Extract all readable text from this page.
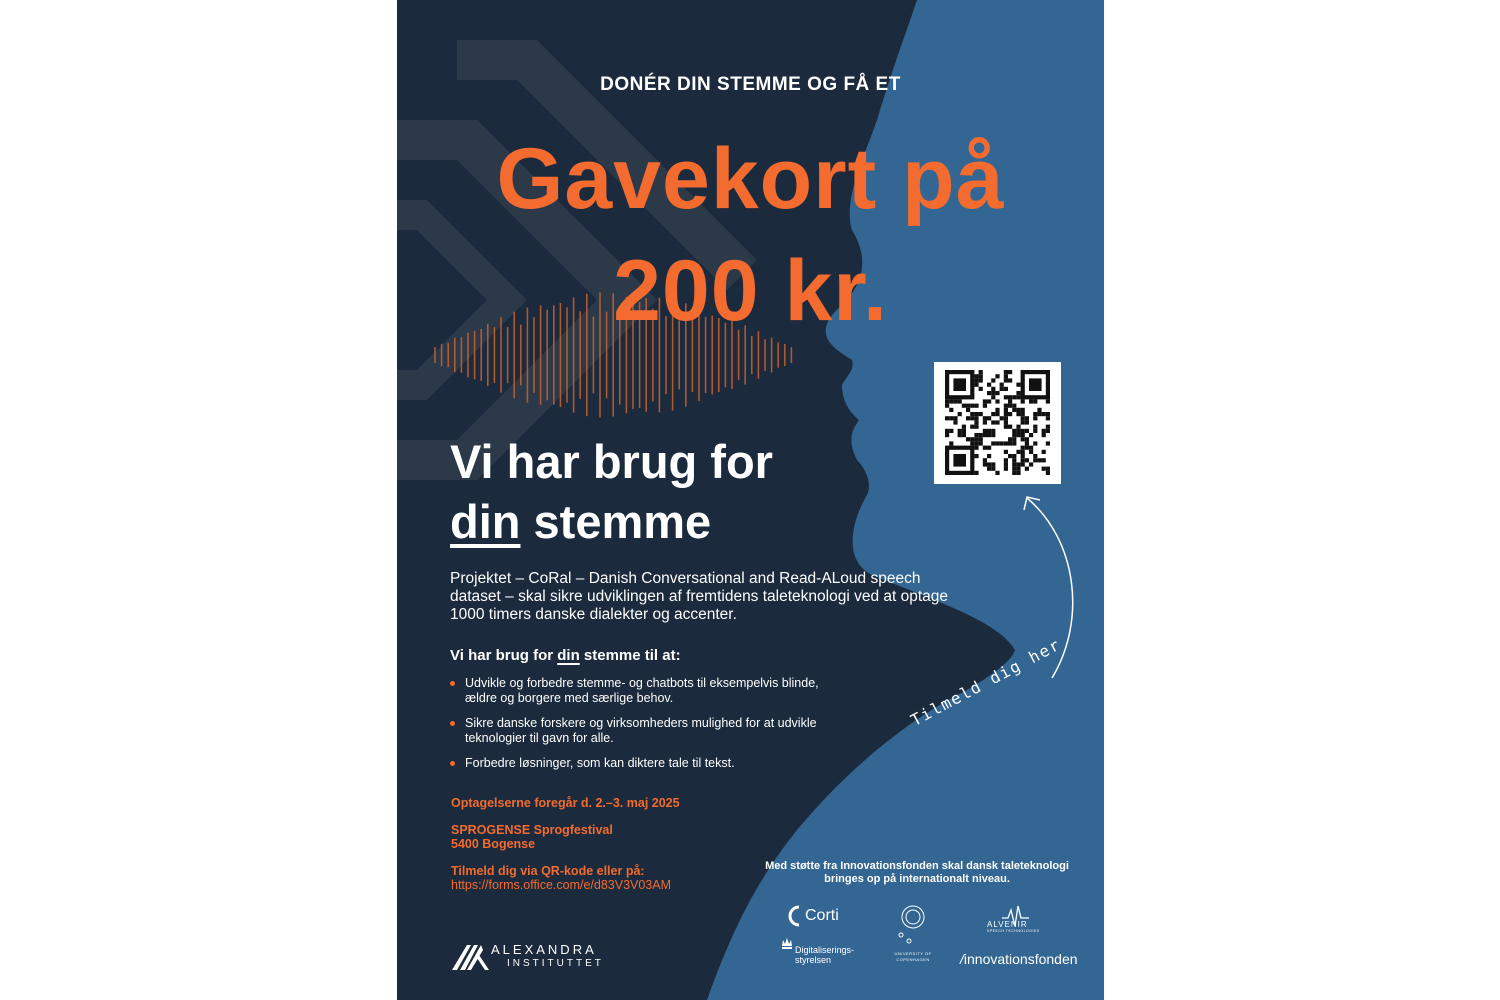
DONÉR DIN STEMME OG FÅ ET
Gavekort på
200 kr.
Vi har brug for
din stemme
Projektet – CoRal – Danish Conversational and Read-ALoud speech dataset – skal sikre udviklingen af fremtidens taleteknologi ved at optage 1000 timers danske dialekter og accenter.
Vi har brug for din stemme til at:
Udvikle og forbedre stemme- og chatbots til eksempelvis blinde, ældre og borgere med særlige behov.
Sikre danske forskere og virksomheders mulighed for at udvikle teknologier til gavn for alle.
Forbedre løsninger, som kan diktere tale til tekst.
Optagelserne foregår d. 2.–3. maj 2025
SPROGENSE Sprogfestival
5400 Bogense
Tilmeld dig via QR-kode eller på:
https://forms.office.com/e/d83V3V03AM
Tilmeld dig her
Med støtte fra Innovationsfonden skal dansk taleteknologi bringes op på internationalt niveau.
ALEXANDRA
INSTITUTTET
Corti
Digitaliserings-
styrelsen
ALVENIR
SPEECH TECHNOLOGIES
UNIVERSITY OF COPENHAGEN	/innovationsfonden
